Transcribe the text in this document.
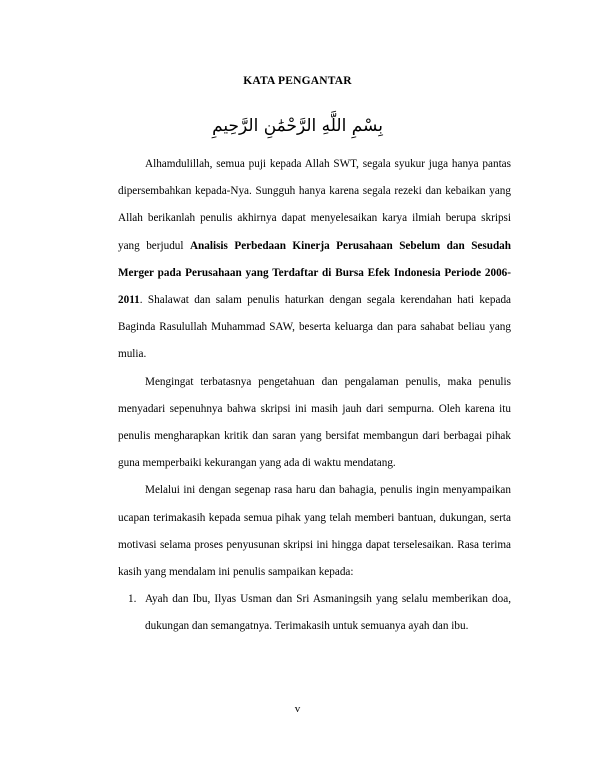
KATA PENGANTAR
بِسْمِ اللَّهِ الرَّحْمَٰنِ الرَّحِيمِ

Alhamdulillah, semua puji kepada Allah SWT, segala syukur juga hanya pantas dipersembahkan kepada-Nya. Sungguh hanya karena segala rezeki dan kebaikan yang Allah berikanlah penulis akhirnya dapat menyelesaikan karya ilmiah berupa skripsi yang berjudul Analisis Perbedaan Kinerja Perusahaan Sebelum dan Sesudah Merger pada Perusahaan yang Terdaftar di Bursa Efek Indonesia Periode 2006-2011. Shalawat dan salam penulis haturkan dengan segala kerendahan hati kepada Baginda Rasulullah Muhammad SAW, beserta keluarga dan para sahabat beliau yang mulia.

Mengingat terbatasnya pengetahuan dan pengalaman penulis, maka penulis menyadari sepenuhnya bahwa skripsi ini masih jauh dari sempurna. Oleh karena itu penulis mengharapkan kritik dan saran yang bersifat membangun dari berbagai pihak guna memperbaiki kekurangan yang ada di waktu mendatang.

Melalui ini dengan segenap rasa haru dan bahagia, penulis ingin menyampaikan ucapan terimakasih kepada semua pihak yang telah memberi bantuan, dukungan, serta motivasi selama proses penyusunan skripsi ini hingga dapat terselesaikan. Rasa terima kasih yang mendalam ini penulis sampaikan kepada:

1. Ayah dan Ibu, Ilyas Usman dan Sri Asmaningsih yang selalu memberikan doa, dukungan dan semangatnya. Terimakasih untuk semuanya ayah dan ibu.
v
